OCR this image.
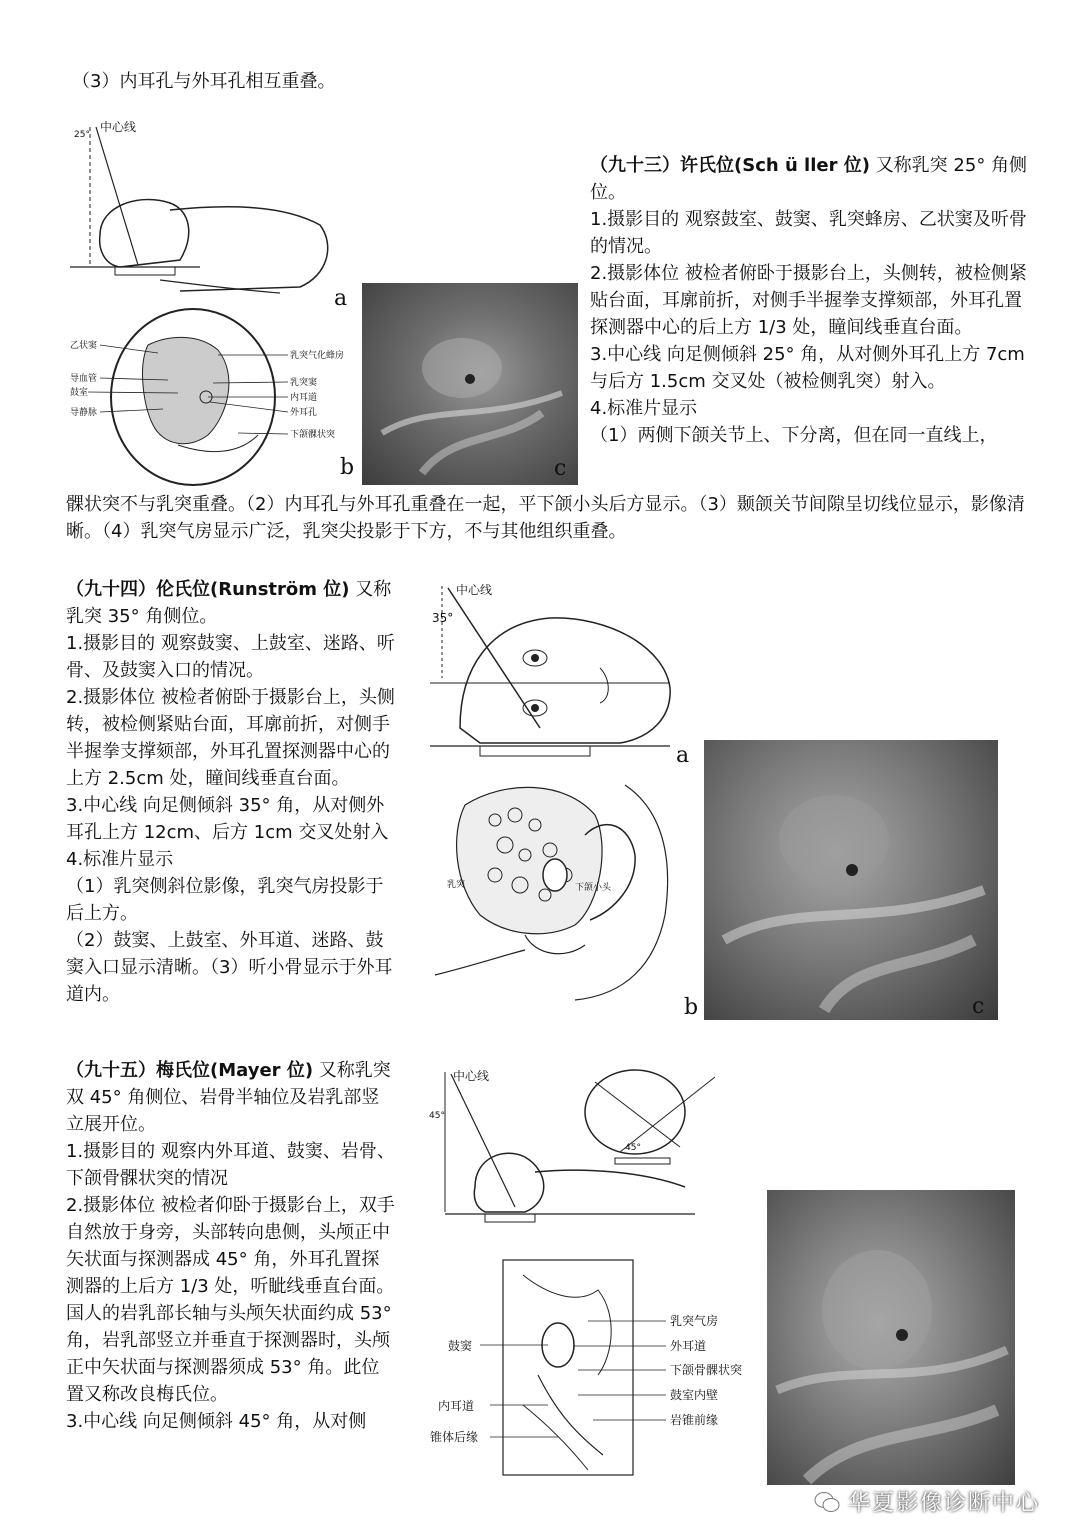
（3）内耳孔与外耳孔相互重叠。

（九十三）许氏位(Sch ü ller 位) 又称乳突 25° 角侧位。

1.摄影目的 观察鼓室、鼓窦、乳突蜂房、乙状窦及听骨的情况。

2.摄影体位 被检者俯卧于摄影台上，头侧转，被检侧紧贴台面，耳廓前折，对侧手半握拳支撑颏部，外耳孔置探测器中心的后上方 1/3 处，瞳间线垂直台面。

3.中心线 向足侧倾斜 25° 角，从对侧外耳孔上方 7cm 与后方 1.5cm 交叉处（被检侧乳突）射入。

4.标准片显示

（1）两侧下颌关节上、下分离，但在同一直线上，

髁状突不与乳突重叠。（2）内耳孔与外耳孔重叠在一起，平下颌小头后方显示。（3）颞颌关节间隙呈切线位显示，影像清晰。（4）乳突气房显示广泛，乳突尖投影于下方，不与其他组织重叠。
25°
中心线
a
乙状窦
导血管
鼓室
导静脉
乳突气化蜂房
乳突窦
内耳道
外耳孔
下颌髁状突
b	c

（九十四）伦氏位(Runström 位) 又称乳突 35° 角侧位。

1.摄影目的 观察鼓窦、上鼓室、迷路、听骨、及鼓窦入口的情况。

2.摄影体位 被检者俯卧于摄影台上，头侧转，被检侧紧贴台面，耳廓前折，对侧手半握拳支撑颏部，外耳孔置探测器中心的上方 2.5cm 处，瞳间线垂直台面。

3.中心线 向足侧倾斜 35° 角，从对侧外耳孔上方 12cm、后方 1cm 交叉处射入

4.标准片显示

（1）乳突侧斜位影像，乳突气房投影于后上方。

（2）鼓窦、上鼓室、外耳道、迷路、鼓窦入口显示清晰。（3）听小骨显示于外耳道内。

（九十五）梅氏位(Mayer 位) 又称乳突双 45° 角侧位、岩骨半轴位及岩乳部竖立展开位。

1.摄影目的 观察内外耳道、鼓窦、岩骨、下颌骨髁状突的情况

2.摄影体位 被检者仰卧于摄影台上，双手自然放于身旁，头部转向患侧，头颅正中矢状面与探测器成 45° 角，外耳孔置探测器的上后方 1/3 处，听眦线垂直台面。国人的岩乳部长轴与头颅矢状面约成 53° 角，岩乳部竖立并垂直于探测器时，头颅正中矢状面与探测器须成 53° 角。此位置又称改良梅氏位。

3.中心线 向足侧倾斜 45° 角，从对侧

35°
中心线
a
乳突	下颌小头
b	c
中心线
45°
45°
鼓窦
内耳道
锥体后缘
乳突气房
外耳道
下颌骨髁状突
鼓室内壁
岩锥前缘
华夏影像诊断中心
